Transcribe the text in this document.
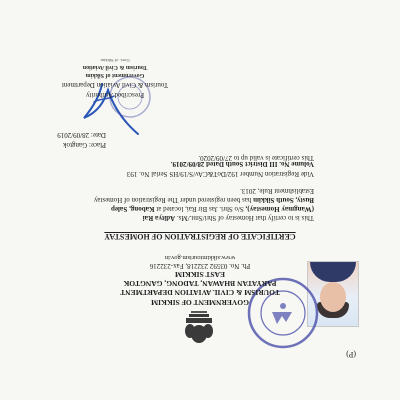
(P)
GOVERNMENT OF SIKKIM
TOURISM & CIVIL AVIATION DEPARTMENT
PARYATAN BHAWAN, TADONG, GANGTOK
EAST SIKKIM
Ph. No. 03592 232218, Fax-232216
www.sikkimtourism.gov.in
CERTIFICATE OF REGISTRATION OF HOMESTAY
This is to certify that Homestay of Shri/Smt./Ms. Aditya Rai
(Wangmay Homestay), S/o Shri. Jas Bir Rai, located at Kabong, Salep
Busty, South Sikkim has been registered under The Registration of Homestay
Establishment Rule, 2013.
Vide Registration Number 192/DoT&CAv/S/19/HS Serial No. 193
Volume No. III District South Dated 28/09/2019.
This certificate is valid up to 27/09/2020.
Place: Gangtok
Date: 28/09/2019
Prescribed Authority
Tourism & Civil Aviation Department
Government of Sikkim
Tourism & Civil Aviation
Govt. of Sikkim
